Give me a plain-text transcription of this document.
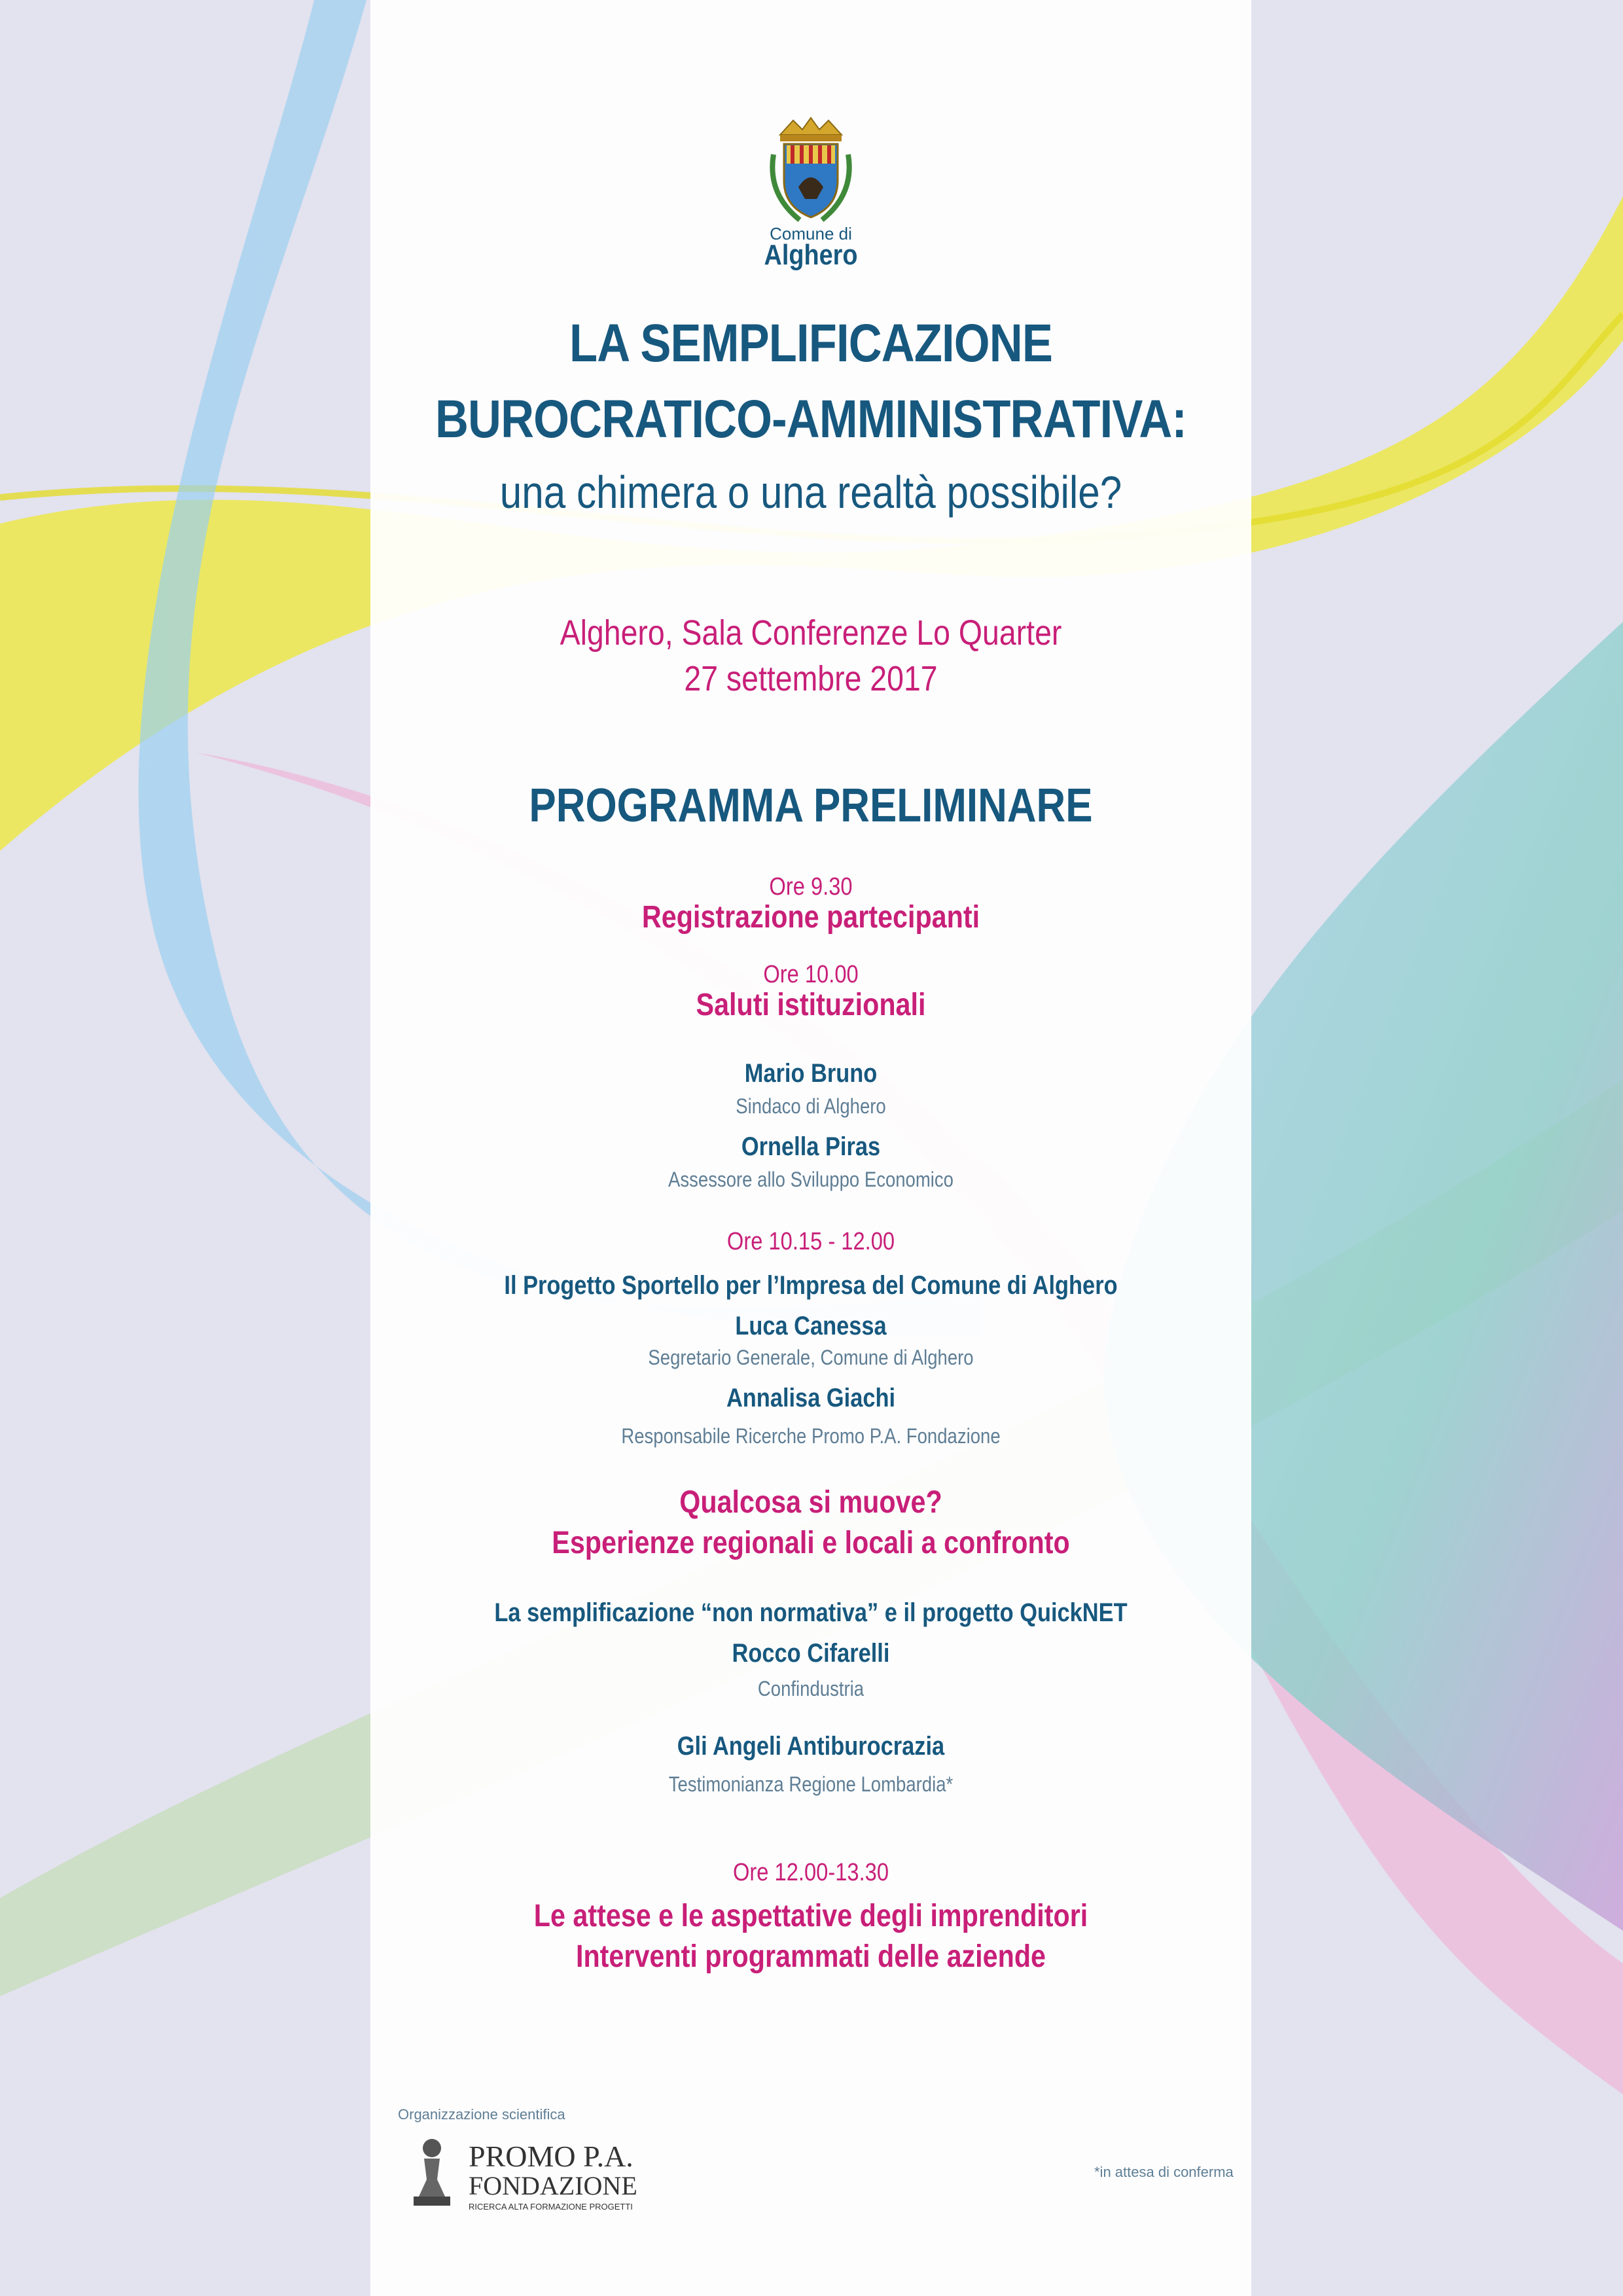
Comune di
Alghero
LA SEMPLIFICAZIONE
BUROCRATICO-AMMINISTRATIVA:
una chimera o una realtà possibile?
Alghero, Sala Conferenze Lo Quarter
27 settembre 2017
PROGRAMMA PRELIMINARE
Ore 9.30
Registrazione partecipanti
Ore 10.00
Saluti istituzionali
Mario Bruno
Sindaco di Alghero
Ornella Piras
Assessore allo Sviluppo Economico
Ore 10.15 - 12.00
Il Progetto Sportello per l’Impresa del Comune di Alghero
Luca Canessa
Segretario Generale, Comune di Alghero
Annalisa Giachi
Responsabile Ricerche Promo P.A. Fondazione
Qualcosa si muove?
Esperienze regionali e locali a confronto
La semplificazione “non normativa” e il progetto QuickNET
Rocco Cifarelli
Confindustria
Gli Angeli Antiburocrazia
Testimonianza Regione Lombardia*
Ore 12.00-13.30
Le attese e le aspettative degli imprenditori
Interventi programmati delle aziende
Organizzazione scientifica
PROMO P.A.
FONDAZIONE
RICERCA ALTA FORMAZIONE PROGETTI
*in attesa di conferma
